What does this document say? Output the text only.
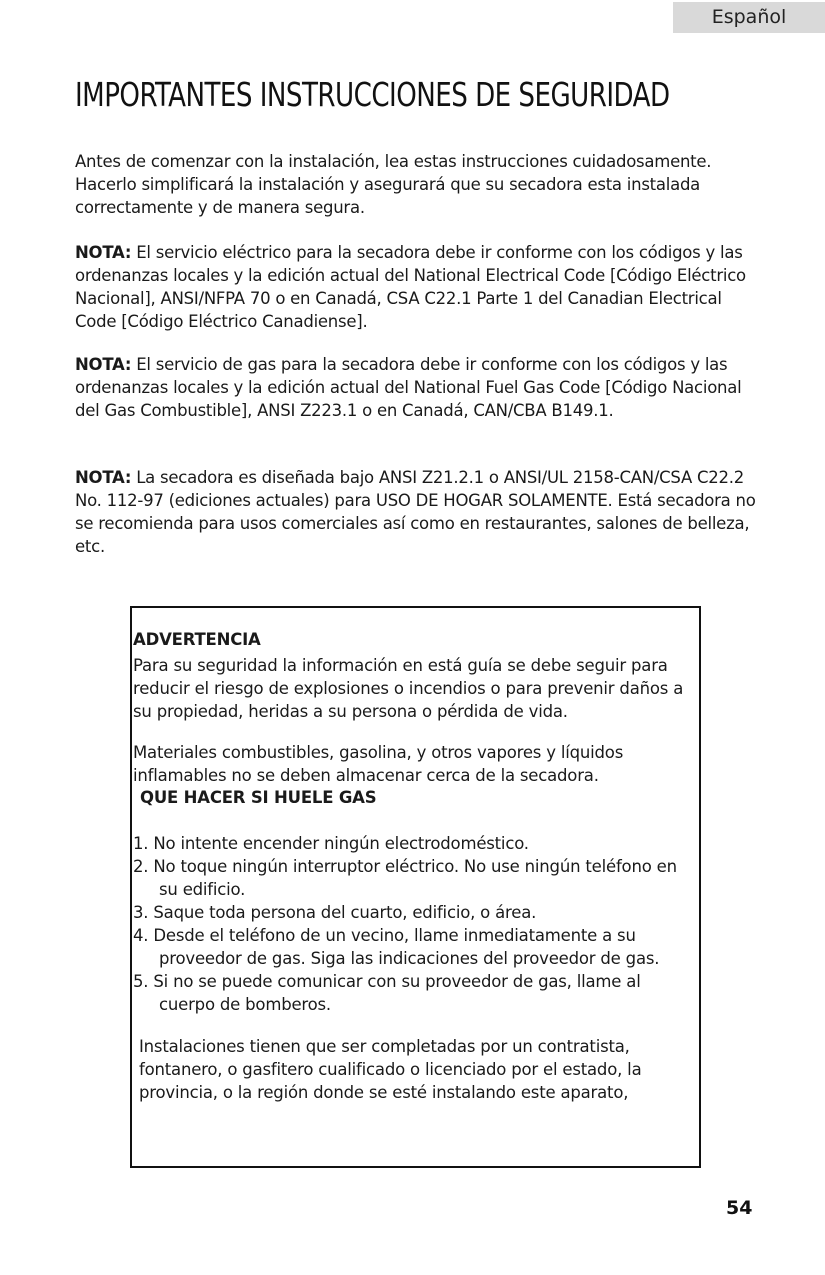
Español
IMPORTANTES INSTRUCCIONES DE SEGURIDAD

Antes de comenzar con la instalación, lea estas instrucciones cuidadosamente. Hacerlo simplificará la instalación y asegurará que su secadora esta instalada correctamente y de manera segura.

NOTA: El servicio eléctrico para la secadora debe ir conforme con los códigos y las ordenanzas locales y la edición actual del National Electrical Code [Código Eléctrico Nacional], ANSI/NFPA 70 o en Canadá, CSA C22.1 Parte 1 del Canadian Electrical Code [Código Eléctrico Canadiense].

NOTA: El servicio de gas para la secadora debe ir conforme con los códigos y las ordenanzas locales y la edición actual del National Fuel Gas Code [Código Nacional del Gas Combustible], ANSI Z223.1 o en Canadá, CAN/CBA B149.1.

NOTA: La secadora es diseñada bajo ANSI Z21.2.1 o ANSI/UL 2158-CAN/CSA C22.2 No. 112-97 (ediciones actuales) para USO DE HOGAR SOLAMENTE. Está secadora no se recomienda para usos comerciales así como en restaurantes, salones de belleza, etc.

ADVERTENCIA

Para su seguridad la información en está guía se debe seguir para reducir el riesgo de explosiones o incendios o para prevenir daños a su propiedad, heridas a su persona o pérdida de vida.

Materiales combustibles, gasolina, y otros vapores y líquidos inflamables no se deben almacenar cerca de la secadora.

QUE HACER SI HUELE GAS

1. No intente encender ningún electrodoméstico.
2. No toque ningún interruptor eléctrico. No use ningún teléfono en su edificio.
3. Saque toda persona del cuarto, edificio, o área.
4. Desde el teléfono de un vecino, llame inmediatamente a su proveedor de gas. Siga las indicaciones del proveedor de gas.
5. Si no se puede comunicar con su proveedor de gas, llame al cuerpo de bomberos.

Instalaciones tienen que ser completadas por un contratista, fontanero, o gasfitero cualificado o licenciado por el estado, la provincia, o la región donde se esté instalando este aparato,

54
